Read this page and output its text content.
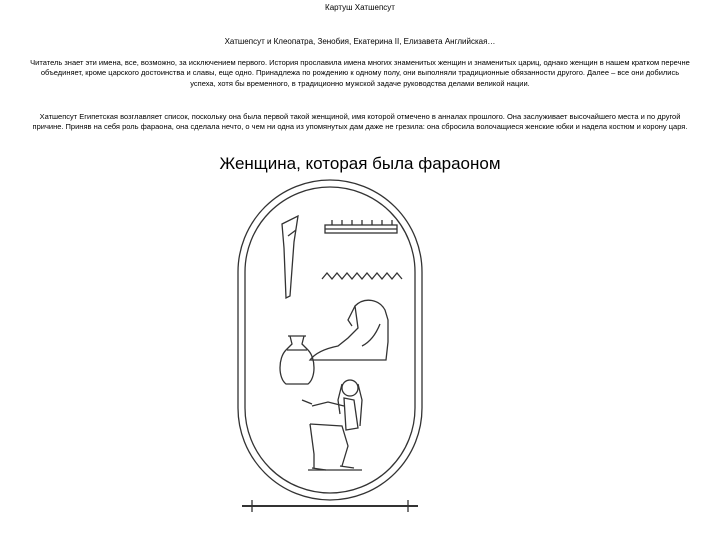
Картуш Хатшепсут
Хатшепсут и Клеопатра, Зенобия, Екатерина II, Елизавета Английская…
Читатель знает эти имена, все, возможно, за исключением первого. История прославила имена многих знаменитых женщин и знаменитых цариц, однако женщин в нашем кратком перечне объединяет, кроме царского достоинства и славы, еще одно. Принадлежа по рождению к одному полу, они выполняли традиционные обязанности другого. Далее – все они добились успеха, хотя бы временного, в традиционно мужской задаче руководства делами великой нации.
Хатшепсут Египетская возглавляет список, поскольку она была первой такой женщиной, имя которой отмечено в анналах прошлого. Она заслуживает высочайшего места и по другой причине. Приняв на себя роль фараона, она сделала нечто, о чем ни одна из упомянутых дам даже не грезила: она сбросила волочащиеся женские юбки и надела костюм и корону царя.
Женщина, которая была фараоном
